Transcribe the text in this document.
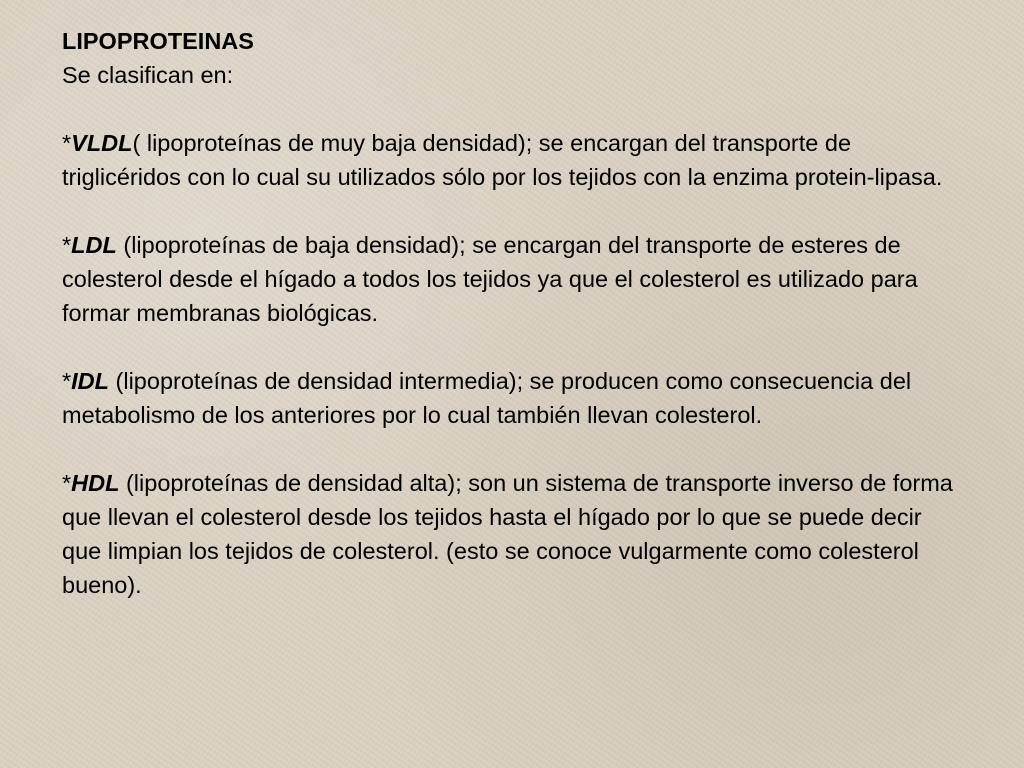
LIPOPROTEINAS

Se clasifican en:

*VLDL( lipoproteínas de muy baja densidad); se encargan del transporte de triglicéridos con lo cual su utilizados sólo por los tejidos con la enzima protein-lipasa.

*LDL (lipoproteínas de baja densidad); se encargan del transporte de esteres de colesterol desde el hígado a todos los tejidos ya que el colesterol es utilizado para formar membranas biológicas.

*IDL (lipoproteínas de densidad intermedia); se producen como consecuencia del metabolismo de los anteriores por lo cual también llevan colesterol.

*HDL (lipoproteínas de densidad alta); son un sistema de transporte inverso de forma que llevan el colesterol desde los tejidos hasta el hígado por lo que se puede decir que limpian los tejidos de colesterol. (esto se conoce vulgarmente como colesterol bueno).
